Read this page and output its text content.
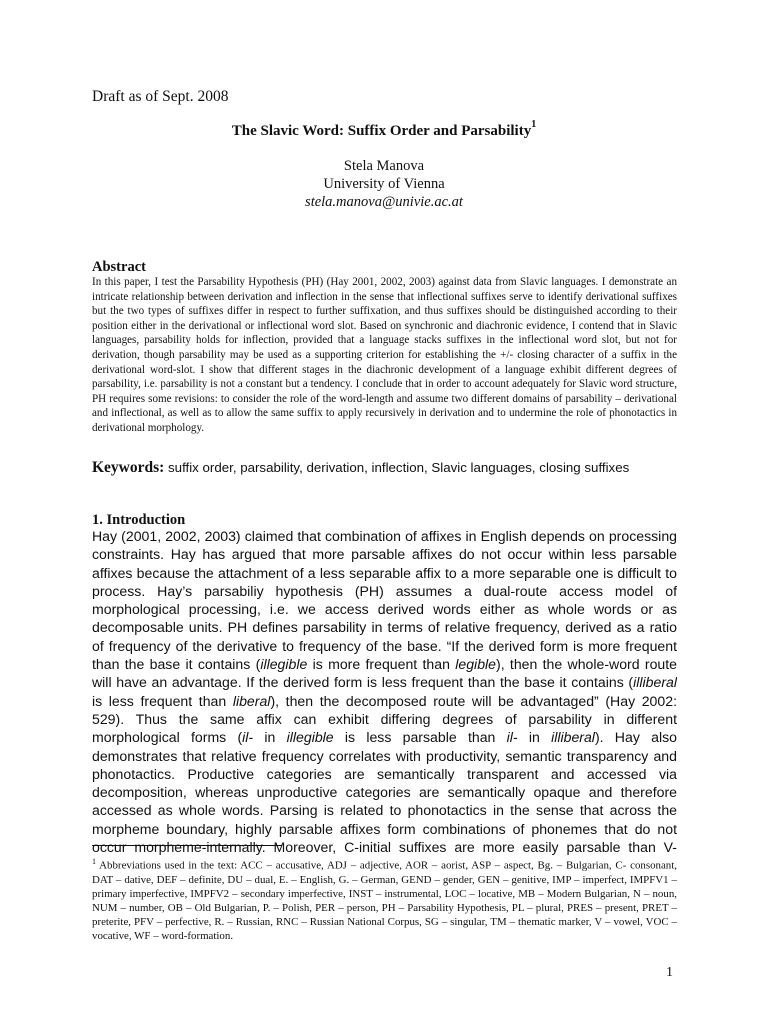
Draft as of Sept. 2008
The Slavic Word: Suffix Order and Parsability$^1$
Stela Manova
University of Vienna
stela.manova@univie.ac.at
Abstract
In this paper, I test the Parsability Hypothesis (PH) (Hay 2001, 2002, 2003) against data from Slavic languages. I demonstrate an intricate relationship between derivation and inflection in the sense that inflectional suffixes serve to identify derivational suffixes but the two types of suffixes differ in respect to further suffixation, and thus suffixes should be distinguished according to their position either in the derivational or inflectional word slot. Based on synchronic and diachronic evidence, I contend that in Slavic languages, parsability holds for inflection, provided that a language stacks suffixes in the inflectional word slot, but not for derivation, though parsability may be used as a supporting criterion for establishing the +/- closing character of a suffix in the derivational word-slot. I show that different stages in the diachronic development of a language exhibit different degrees of parsability, i.e. parsability is not a constant but a tendency. I conclude that in order to account adequately for Slavic word structure, PH requires some revisions: to consider the role of the word-length and assume two different domains of parsability – derivational and inflectional, as well as to allow the same suffix to apply recursively in derivation and to undermine the role of phonotactics in derivational morphology.
Keywords: suffix order, parsability, derivation, inflection, Slavic languages, closing suffixes
1. Introduction
Hay (2001, 2002, 2003) claimed that combination of affixes in English depends on processing
constraints. Hay has argued that more parsable affixes do not occur within less parsable
affixes because the attachment of a less separable affix to a more separable one is difficult to
process. Hay’s parsabiliy hypothesis (PH) assumes a dual-route access model of
morphological processing, i.e. we access derived words either as whole words or as
decomposable units. PH defines parsability in terms of relative frequency, derived as a ratio
of frequency of the derivative to frequency of the base. “If the derived form is more frequent
than the base it contains (illegible is more frequent than legible), then the whole-word route
will have an advantage. If the derived form is less frequent than the base it contains (illiberal
is less frequent than liberal), then the decomposed route will be advantaged” (Hay 2002:
529). Thus the same affix can exhibit differing degrees of parsability in different
morphological forms (il- in illegible is less parsable than il- in illiberal). Hay also
demonstrates that relative frequency correlates with productivity, semantic transparency and
phonotactics. Productive categories are semantically transparent and accessed via
decomposition, whereas unproductive categories are semantically opaque and therefore
accessed as whole words. Parsing is related to phonotactics in the sense that across the
morpheme boundary, highly parsable affixes form combinations of phonemes that do not
occur morpheme-internally. Moreover, C-initial suffixes are more easily parsable than V-
$^1$ Abbreviations used in the text: ACC – accusative, ADJ – adjective, AOR – aorist, ASP – aspect, Bg. – Bulgarian, C- consonant, DAT – dative, DEF – definite, DU – dual, E. – English, G. – German, GEND – gender, GEN – genitive, IMP – imperfect, IMPFV1 – primary imperfective, IMPFV2 – secondary imperfective, INST – instrumental, LOC – locative, MB – Modern Bulgarian, N – noun, NUM – number, OB – Old Bulgarian, P. – Polish, PER – person, PH – Parsability Hypothesis, PL – plural, PRES – present, PRET – preterite, PFV – perfective, R. – Russian, RNC – Russian National Corpus, SG – singular, TM – thematic marker, V – vowel, VOC – vocative, WF – word-formation.
1
